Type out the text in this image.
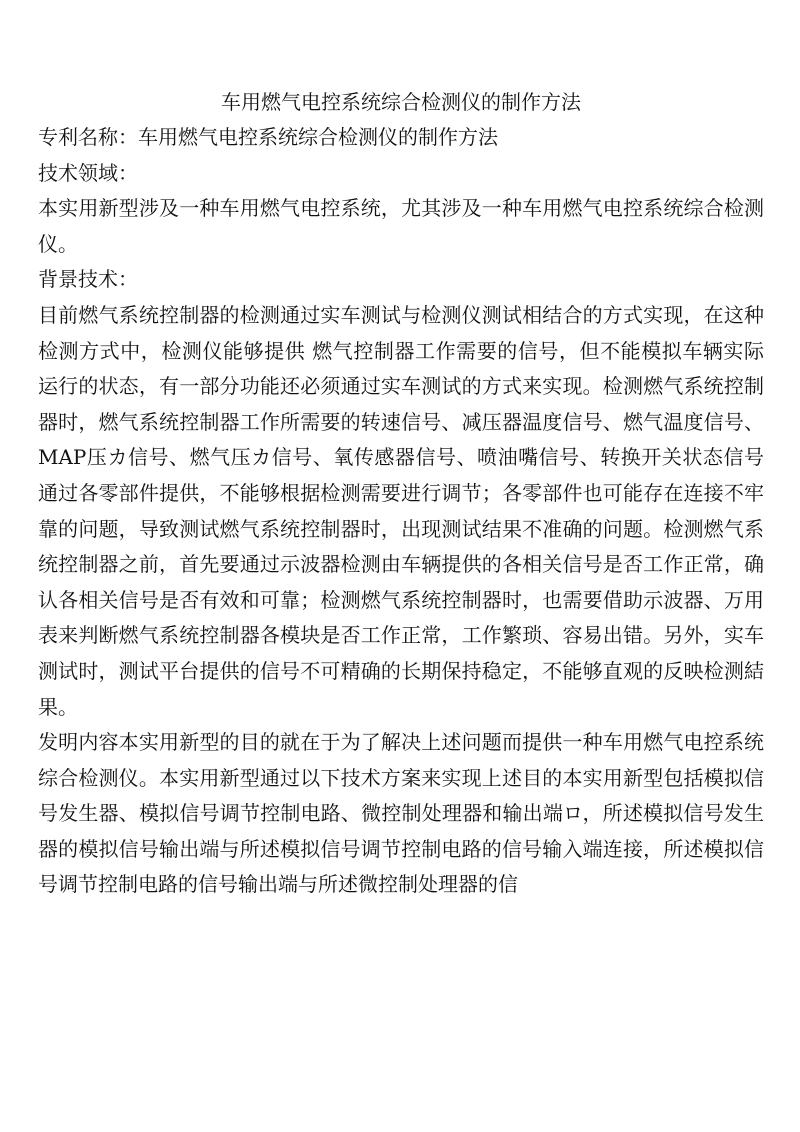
车用燃气电控系统综合检测仪的制作方法

专利名称：车用燃气电控系统综合检测仪的制作方法

技术领域：

本实用新型涉及一种车用燃气电控系统，尤其涉及一种车用燃气电控系统综合检测仪。

背景技术：

目前燃气系统控制器的检测通过实车测试与检测仪测试相结合的方式实现，在这种检测方式中，检测仪能够提供 燃气控制器工作需要的信号，但不能模拟车辆实际运行的状态，有一部分功能还必须通过实车测试的方式来实现。检测燃气系统控制器时，燃气系统控制器工作所需要的转速信号、减压器温度信号、燃气温度信号、MAP压カ信号、燃气压カ信号、氧传感器信号、喷油嘴信号、转换开关状态信号通过各零部件提供，不能够根据检测需要进行调节；各零部件也可能存在连接不牢靠的问题，导致测试燃气系统控制器时，出现测试结果不准确的问题。检测燃气系统控制器之前，首先要通过示波器检测由车辆提供的各相关信号是否工作正常，确认各相关信号是否有效和可靠；检测燃气系统控制器时，也需要借助示波器、万用表来判断燃气系统控制器各模块是否工作正常，工作繁琐、容易出错。另外，实车测试时，测试平台提供的信号不可精确的长期保持稳定，不能够直观的反映检测結果。

发明内容本实用新型的目的就在于为了解决上述问题而提供一种车用燃气电控系统综合检测仪。本实用新型通过以下技术方案来实现上述目的本实用新型包括模拟信号发生器、模拟信号调节控制电路、微控制处理器和输出端ロ，所述模拟信号发生器的模拟信号输出端与所述模拟信号调节控制电路的信号输入端连接，所述模拟信号调节控制电路的信号输出端与所述微控制处理器的信
